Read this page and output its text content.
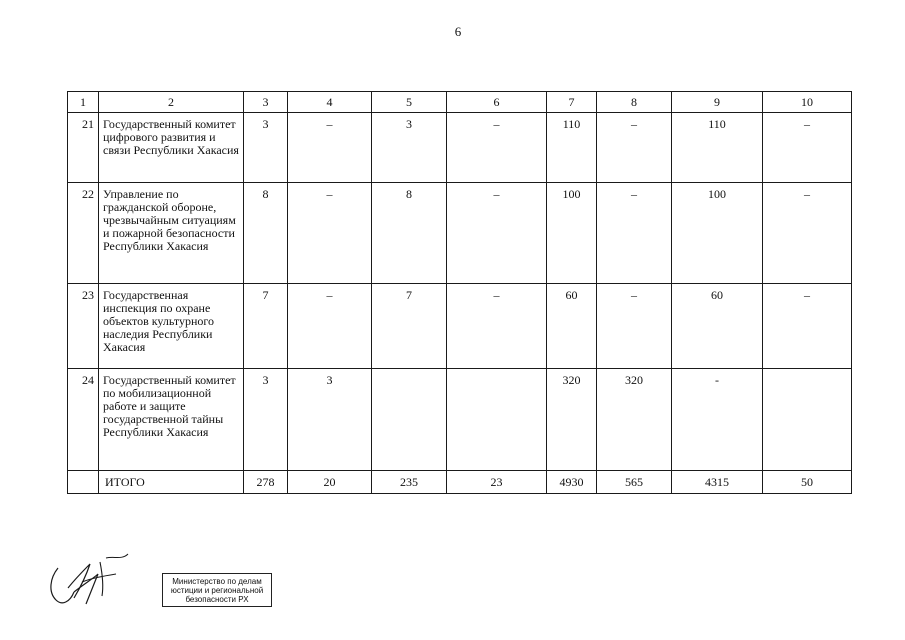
6
1	2	3	4	5	6	7	8	9	10
21	Государственный комитет цифрового развития и связи Республики Хакасия	3	–	3	–	110	–	110	–
22	Управление по гражданской обороне, чрезвычайным ситуациям и пожарной безопасности Республики Хакасия	8	–	8	–	100	–	100	–
23	Государственная инспекция по охране объектов культурного наследия Республики Хакасия	7	–	7	–	60	–	60	–
24	Государственный комитет по мобилизационной работе и защите государственной тайны Республики Хакасия	3	3			320	320	-	
	ИТОГО	278	20	235	23	4930	565	4315	50
Министерство по делам юстиции и региональной безопасности РХ
